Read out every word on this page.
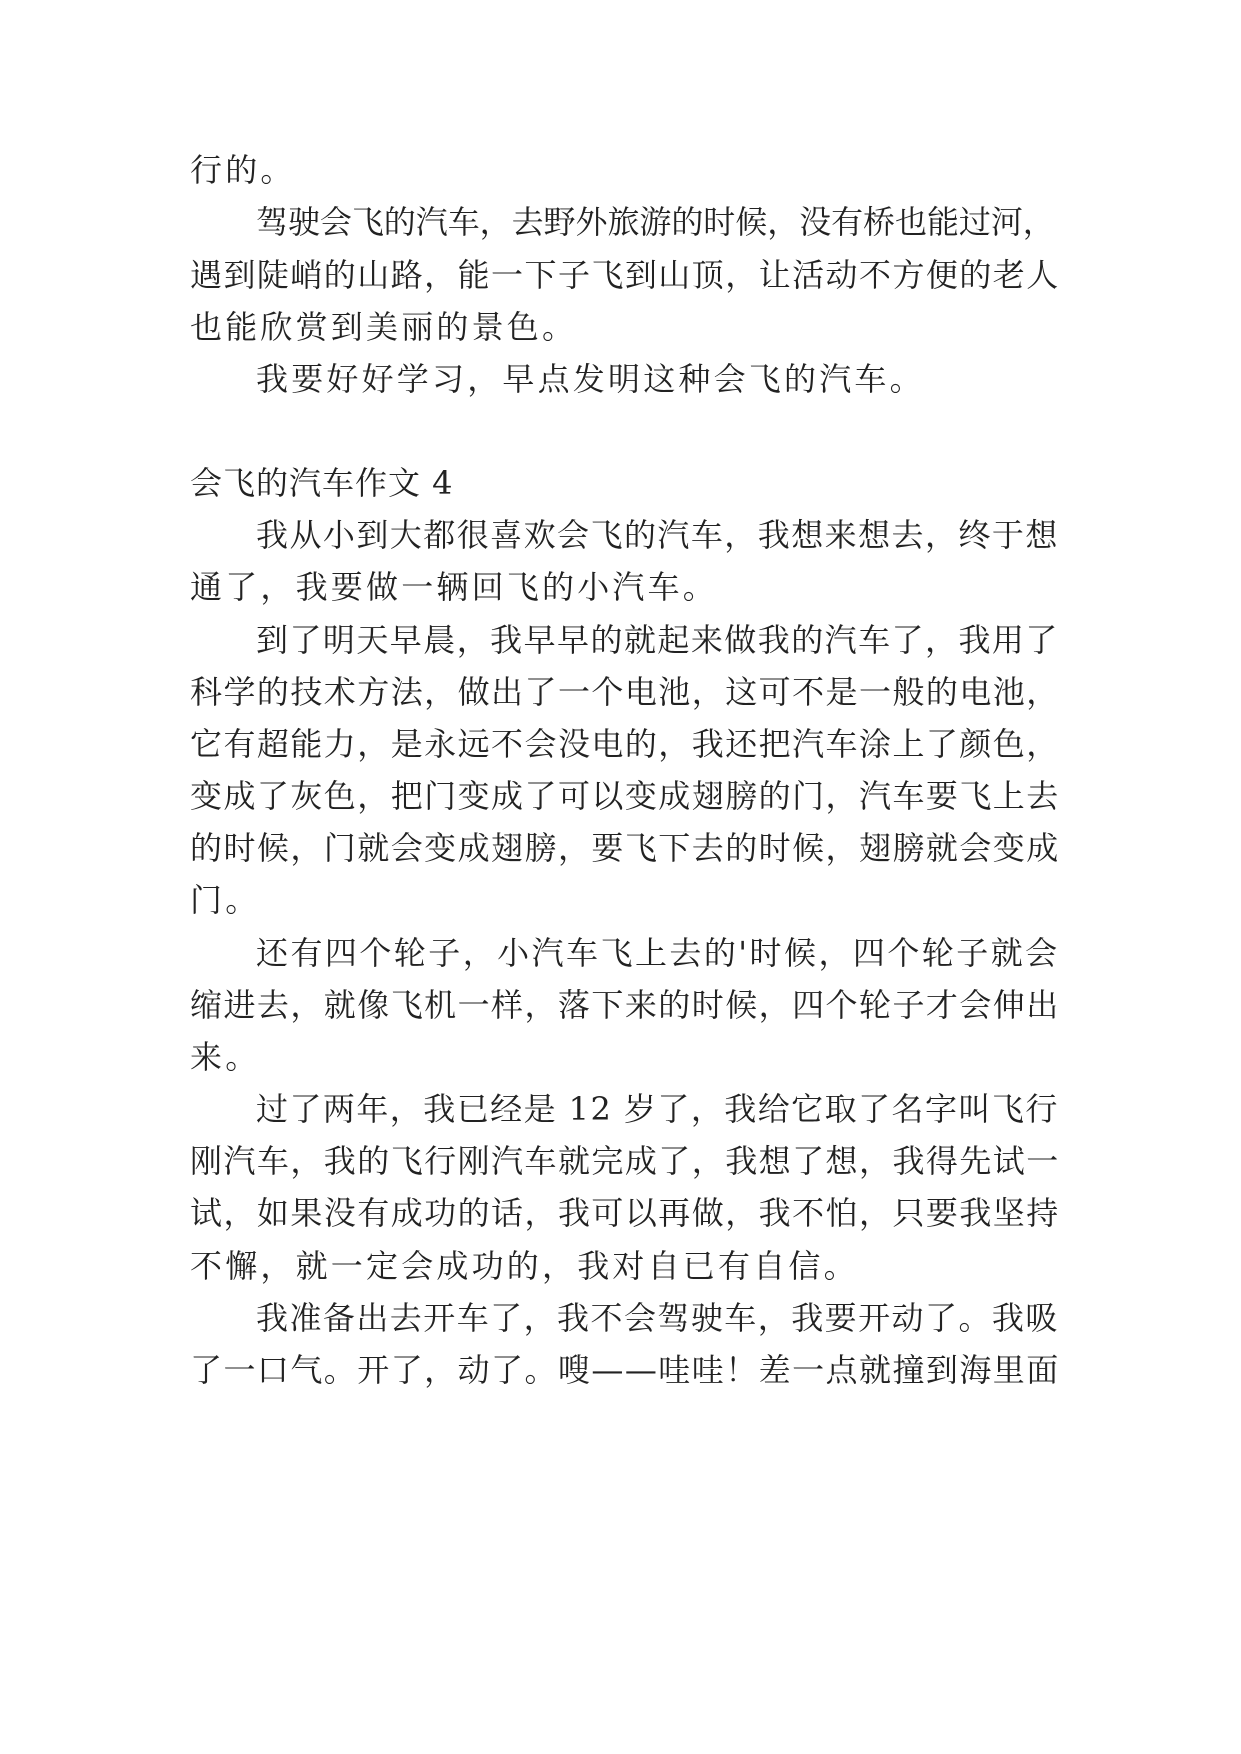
行的。
驾驶会飞的汽车，去野外旅游的时候，没有桥也能过河，
遇到陡峭的山路，能一下子飞到山顶，让活动不方便的老人
也能欣赏到美丽的景色。
我要好好学习，早点发明这种会飞的汽车。
会飞的汽车作文 4
我从小到大都很喜欢会飞的汽车，我想来想去，终于想
通了，我要做一辆回飞的小汽车。
到了明天早晨，我早早的就起来做我的汽车了，我用了
科学的技术方法，做出了一个电池，这可不是一般的电池，
它有超能力，是永远不会没电的，我还把汽车涂上了颜色，
变成了灰色，把门变成了可以变成翅膀的门，汽车要飞上去
的时候，门就会变成翅膀，要飞下去的时候，翅膀就会变成
门。
还有四个轮子，小汽车飞上去的'时候，四个轮子就会
缩进去，就像飞机一样，落下来的时候，四个轮子才会伸出
来。
过了两年，我已经是 12 岁了，我给它取了名字叫飞行
刚汽车，我的飞行刚汽车就完成了，我想了想，我得先试一
试，如果没有成功的话，我可以再做，我不怕，只要我坚持
不懈，就一定会成功的，我对自已有自信。
我准备出去开车了，我不会驾驶车，我要开动了。我吸
了一口气。开了，动了。嗖——哇哇！差一点就撞到海里面
